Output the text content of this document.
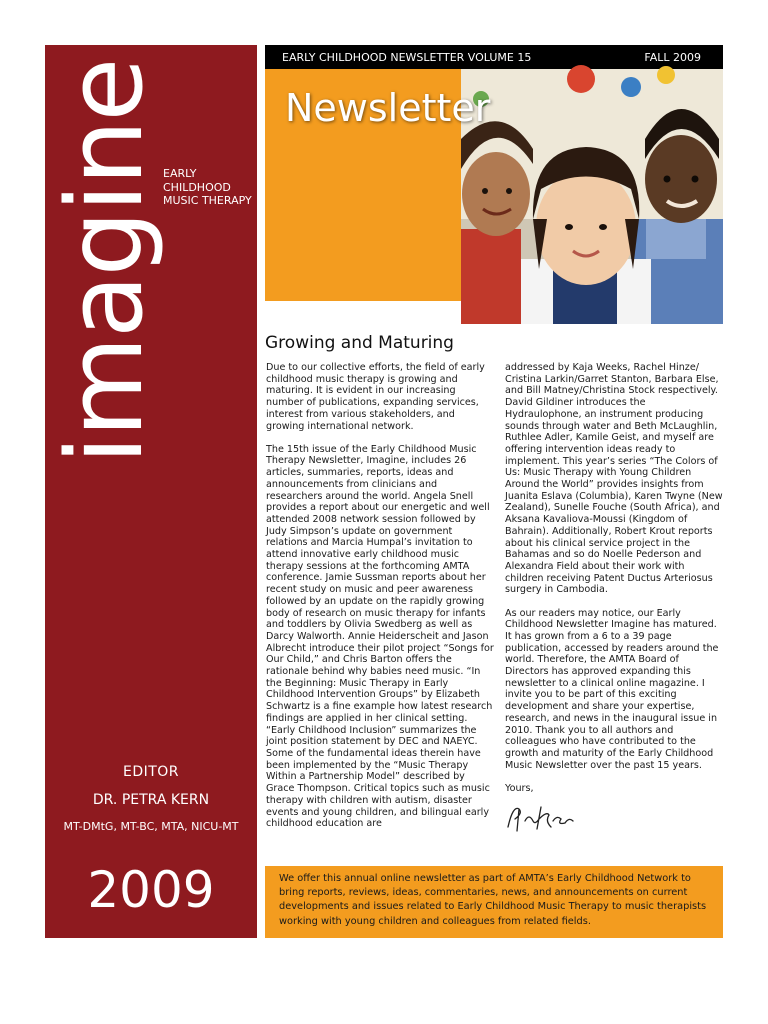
imagine
EARLY
CHILDHOOD
MUSIC THERAPY
EDITOR
DR. PETRA KERN
MT-DMtG, MT-BC, MTA, NICU-MT
2009
EARLY CHILDHOOD NEWSLETTER VOLUME 15	FALL 2009
Newsletter
Growing and Maturing

Due to our collective efforts, the field of early childhood music therapy is growing and maturing. It is evident in our increasing number of publications, expanding services, interest from various stakeholders, and growing international network.

The 15th issue of the Early Childhood Music Therapy Newsletter, Imagine, includes 26 articles, summaries, reports, ideas and announcements from clinicians and researchers around the world. Angela Snell provides a report about our energetic and well attended 2008 network session followed by Judy Simpson’s update on government relations and Marcia Humpal’s invitation to attend innovative early childhood music therapy sessions at the forthcoming AMTA conference. Jamie Sussman reports about her recent study on music and peer awareness followed by an update on the rapidly growing body of research on music therapy for infants and toddlers by Olivia Swedberg as well as Darcy Walworth. Annie Heiderscheit and Jason Albrecht introduce their pilot project “Songs for Our Child,” and Chris Barton offers the rationale behind why babies need music. “In the Beginning: Music Therapy in Early Childhood Intervention Groups” by Elizabeth Schwartz is a fine example how latest research findings are applied in her clinical setting. “Early Childhood Inclusion” summarizes the joint position statement by DEC and NAEYC. Some of the fundamental ideas therein have been implemented by the “Music Therapy Within a Partnership Model” described by Grace Thompson. Critical topics such as music therapy with children with autism, disaster events and young children, and bilingual early childhood education are

addressed by Kaja Weeks, Rachel Hinze/ Cristina Larkin/Garret Stanton, Barbara Else, and Bill Matney/Christina Stock respectively. David Gildiner introduces the Hydraulophone, an instrument producing sounds through water and Beth McLaughlin, Ruthlee Adler, Kamile Geist, and myself are offering intervention ideas ready to implement. This year’s series “The Colors of Us: Music Therapy with Young Children Around the World” provides insights from Juanita Eslava (Columbia), Karen Twyne (New Zealand), Sunelle Fouche (South Africa), and Aksana Kavaliova-Moussi (Kingdom of Bahrain). Additionally, Robert Krout reports about his clinical service project in the Bahamas and so do Noelle Pederson and Alexandra Field about their work with children receiving Patent Ductus Arteriosus surgery in Cambodia.

As our readers may notice, our Early Childhood Newsletter Imagine has matured. It has grown from a 6 to a 39 page publication, accessed by readers around the world. Therefore, the AMTA Board of Directors has approved expanding this newsletter to a clinical online magazine. I invite you to be part of this exciting development and share your expertise, research, and news in the inaugural issue in 2010. Thank you to all authors and colleagues who have contributed to the growth and maturity of the Early Childhood Music Newsletter over the past 15 years.

Yours,
We offer this annual online newsletter as part of AMTA’s Early Childhood Network to bring reports, reviews, ideas, commentaries, news, and announcements on current developments and issues related to Early Childhood Music Therapy to music therapists working with young children and colleagues from related fields.
